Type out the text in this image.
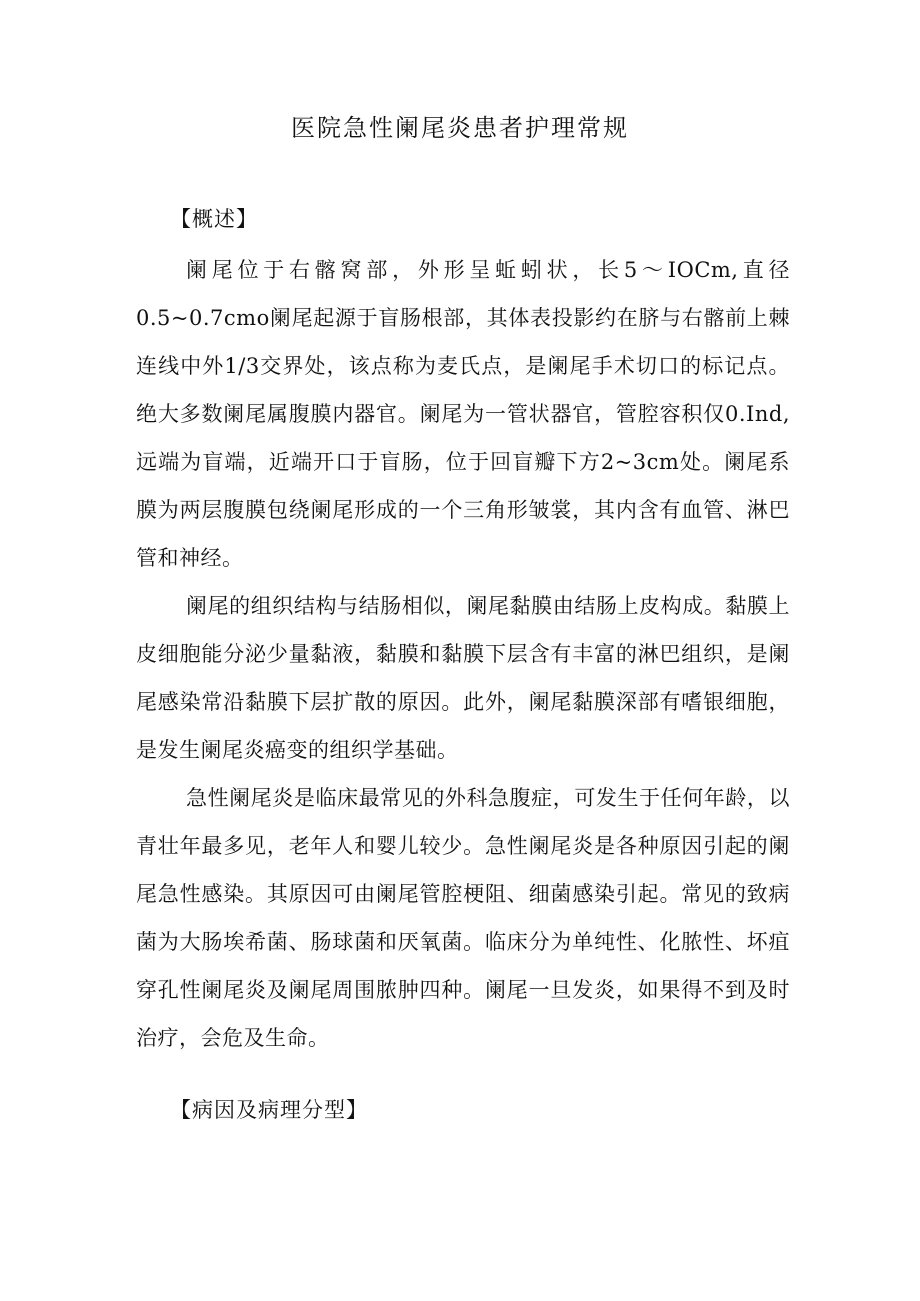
医院急性阑尾炎患者护理常规
【概述】

阑尾位于右髂窝部，外形呈蚯蚓状，长5～IOCm,直径0.5~0.7cmo阑尾起源于盲肠根部，其体表投影约在脐与右髂前上棘连线中外1/3交界处，该点称为麦氏点，是阑尾手术切口的标记点。绝大多数阑尾属腹膜内器官。阑尾为一管状器官，管腔容积仅0.Ind,远端为盲端，近端开口于盲肠，位于回盲瓣下方2~3cm处。阑尾系膜为两层腹膜包绕阑尾形成的一个三角形皱裳，其内含有血管、淋巴管和神经。

阑尾的组织结构与结肠相似，阑尾黏膜由结肠上皮构成。黏膜上皮细胞能分泌少量黏液，黏膜和黏膜下层含有丰富的淋巴组织，是阑尾感染常沿黏膜下层扩散的原因。此外，阑尾黏膜深部有嗜银细胞，是发生阑尾炎癌变的组织学基础。

急性阑尾炎是临床最常见的外科急腹症，可发生于任何年龄，以青壮年最多见，老年人和婴儿较少。急性阑尾炎是各种原因引起的阑尾急性感染。其原因可由阑尾管腔梗阻、细菌感染引起。常见的致病菌为大肠埃希菌、肠球菌和厌氧菌。临床分为单纯性、化脓性、坏疽穿孔性阑尾炎及阑尾周围脓肿四种。阑尾一旦发炎，如果得不到及时治疗，会危及生命。

【病因及病理分型】
